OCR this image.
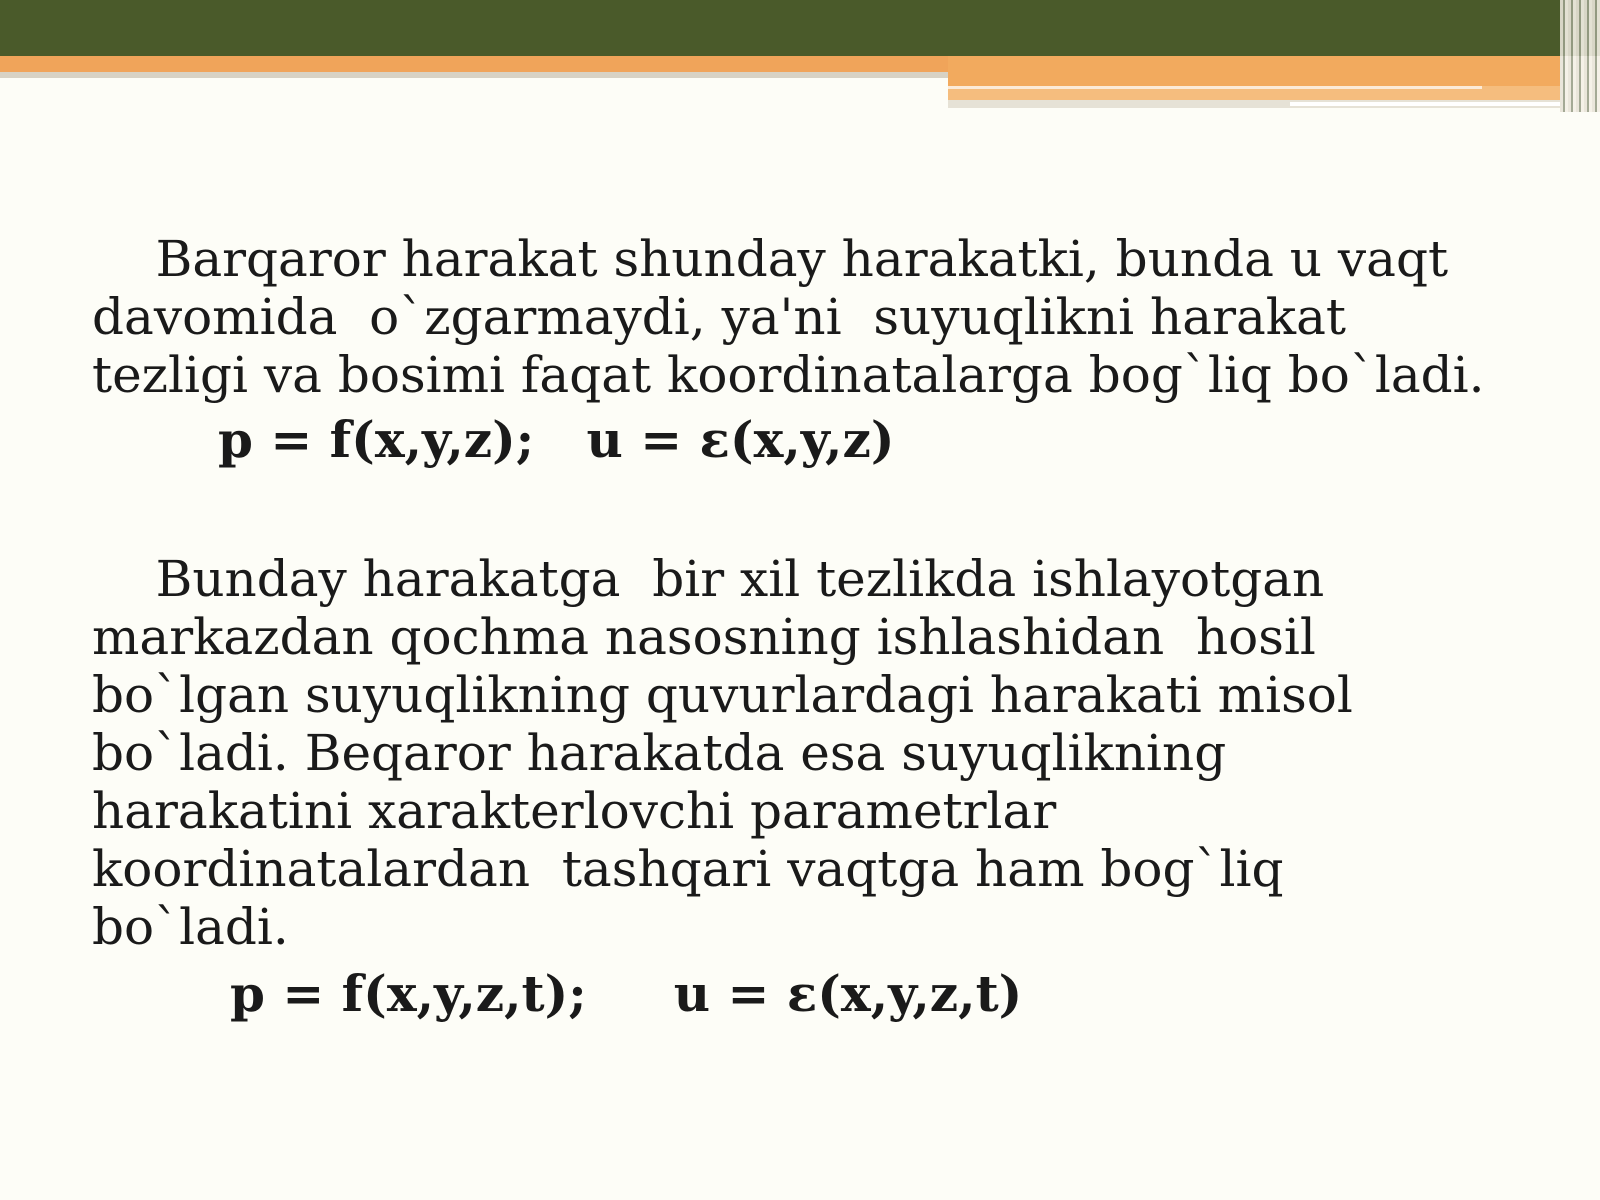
Barqaror harakat shunday harakatki, bunda u vaqt
davomida  o`zgarmaydi, ya'ni  suyuqlikni harakat
tezligi va bosimi faqat koordinatalarga bog`liq bo`ladi.

p = f(x,y,z);   u = ɛ(x,y,z)

Bunday harakatga  bir xil tezlikda ishlayotgan
markazdan qochma nasosning ishlashidan  hosil
bo`lgan suyuqlikning quvurlardagi harakati misol
bo`ladi. Beqaror harakatda esa suyuqlikning
harakatini xarakterlovchi parametrlar
koordinatalardan  tashqari vaqtga ham bog`liq
bo`ladi.

p = f(x,y,z,t);     u = ɛ(x,y,z,t)
